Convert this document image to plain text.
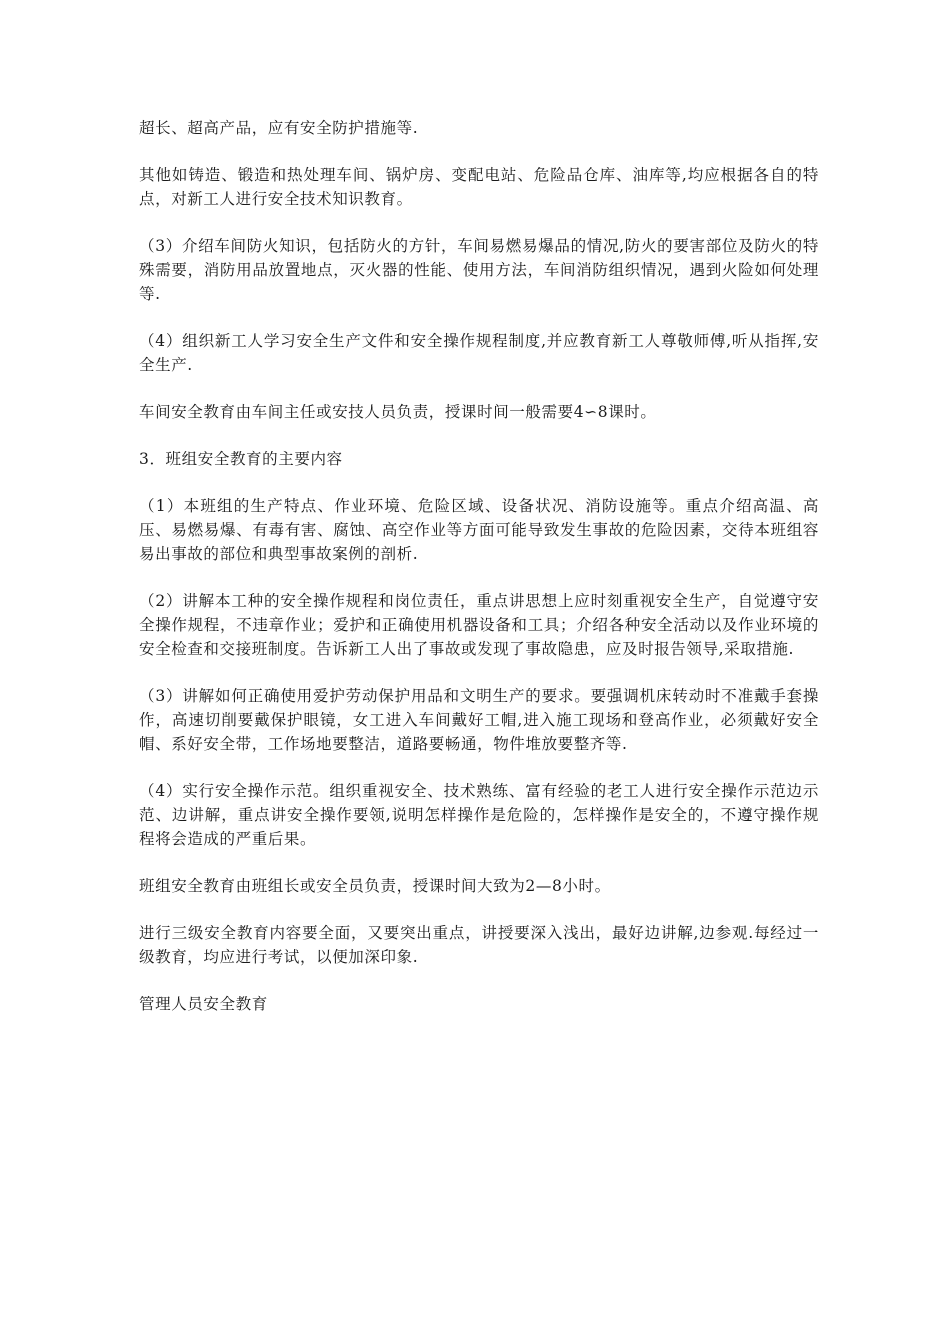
超长、超高产品，应有安全防护措施等.

其他如铸造、锻造和热处理车间、锅炉房、变配电站、危险品仓库、油库等,均应根据各自的特点，对新工人进行安全技术知识教育。

（3）介绍车间防火知识，包括防火的方针，车间易燃易爆品的情况,防火的要害部位及防火的特殊需要，消防用品放置地点，灭火器的性能、使用方法，车间消防组织情况，遇到火险如何处理等.

（4）组织新工人学习安全生产文件和安全操作规程制度,并应教育新工人尊敬师傅,听从指挥,安全生产.

车间安全教育由车间主任或安技人员负责，授课时间一般需要4∽8课时。

3．班组安全教育的主要内容

（1）本班组的生产特点、作业环境、危险区域、设备状况、消防设施等。重点介绍高温、高压、易燃易爆、有毒有害、腐蚀、高空作业等方面可能导致发生事故的危险因素，交待本班组容易出事故的部位和典型事故案例的剖析.

（2）讲解本工种的安全操作规程和岗位责任，重点讲思想上应时刻重视安全生产，自觉遵守安全操作规程，不违章作业；爱护和正确使用机器设备和工具；介绍各种安全活动以及作业环境的安全检查和交接班制度。告诉新工人出了事故或发现了事故隐患，应及时报告领导,采取措施.

（3）讲解如何正确使用爱护劳动保护用品和文明生产的要求。要强调机床转动时不准戴手套操作，高速切削要戴保护眼镜，女工进入车间戴好工帽,进入施工现场和登高作业，必须戴好安全帽、系好安全带，工作场地要整洁，道路要畅通，物件堆放要整齐等.

（4）实行安全操作示范。组织重视安全、技术熟练、富有经验的老工人进行安全操作示范边示范、边讲解，重点讲安全操作要领,说明怎样操作是危险的，怎样操作是安全的，不遵守操作规程将会造成的严重后果。

班组安全教育由班组长或安全员负责，授课时间大致为2—8小时。

进行三级安全教育内容要全面，又要突出重点，讲授要深入浅出，最好边讲解,边参观.每经过一级教育，均应进行考试，以便加深印象.

管理人员安全教育
